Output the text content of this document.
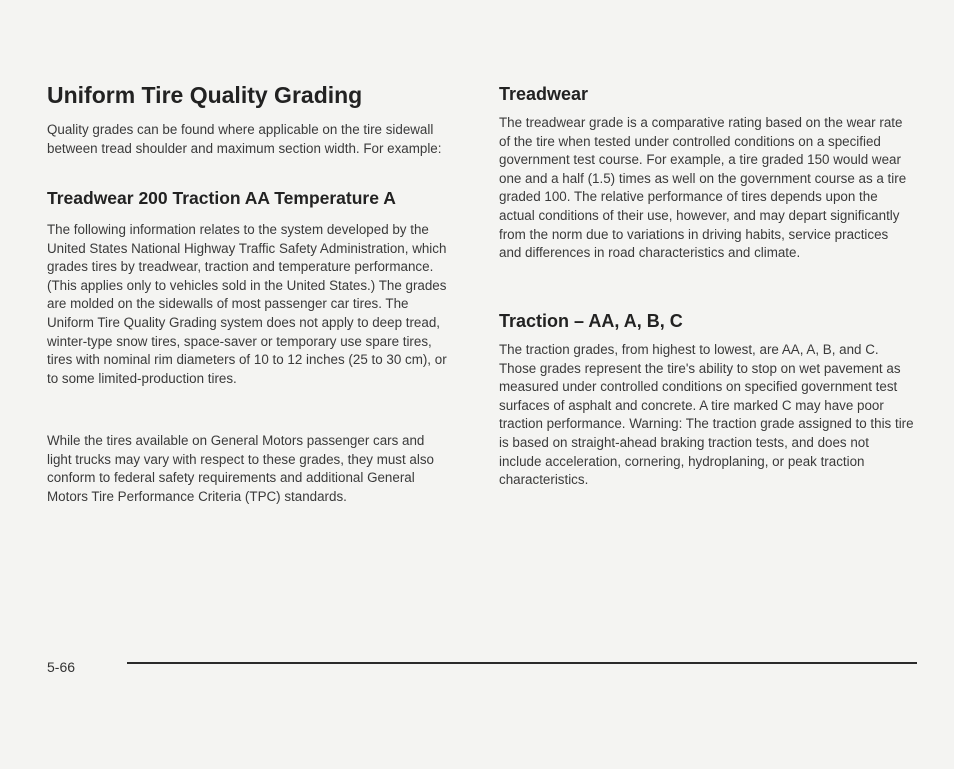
Uniform Tire Quality Grading

Quality grades can be found where applicable on the tire sidewall between tread shoulder and maximum section width. For example:

Treadwear 200 Traction AA Temperature A

The following information relates to the system developed by the United States National Highway Traffic Safety Administration, which grades tires by treadwear, traction and temperature performance. (This applies only to vehicles sold in the United States.) The grades are molded on the sidewalls of most passenger car tires. The Uniform Tire Quality Grading system does not apply to deep tread, winter-type snow tires, space-saver or temporary use spare tires, tires with nominal rim diameters of 10 to 12 inches (25 to 30 cm), or to some limited-production tires.

While the tires available on General Motors passenger cars and light trucks may vary with respect to these grades, they must also conform to federal safety requirements and additional General Motors Tire Performance Criteria (TPC) standards.

Treadwear

The treadwear grade is a comparative rating based on the wear rate of the tire when tested under controlled conditions on a specified government test course. For example, a tire graded 150 would wear one and a half (1.5) times as well on the government course as a tire graded 100. The relative performance of tires depends upon the actual conditions of their use, however, and may depart significantly from the norm due to variations in driving habits, service practices and differences in road characteristics and climate.

Traction – AA, A, B, C

The traction grades, from highest to lowest, are AA, A, B, and C. Those grades represent the tire's ability to stop on wet pavement as measured under controlled conditions on specified government test surfaces of asphalt and concrete. A tire marked C may have poor traction performance. Warning: The traction grade assigned to this tire is based on straight-ahead braking traction tests, and does not include acceleration, cornering, hydroplaning, or peak traction characteristics.

5-66
